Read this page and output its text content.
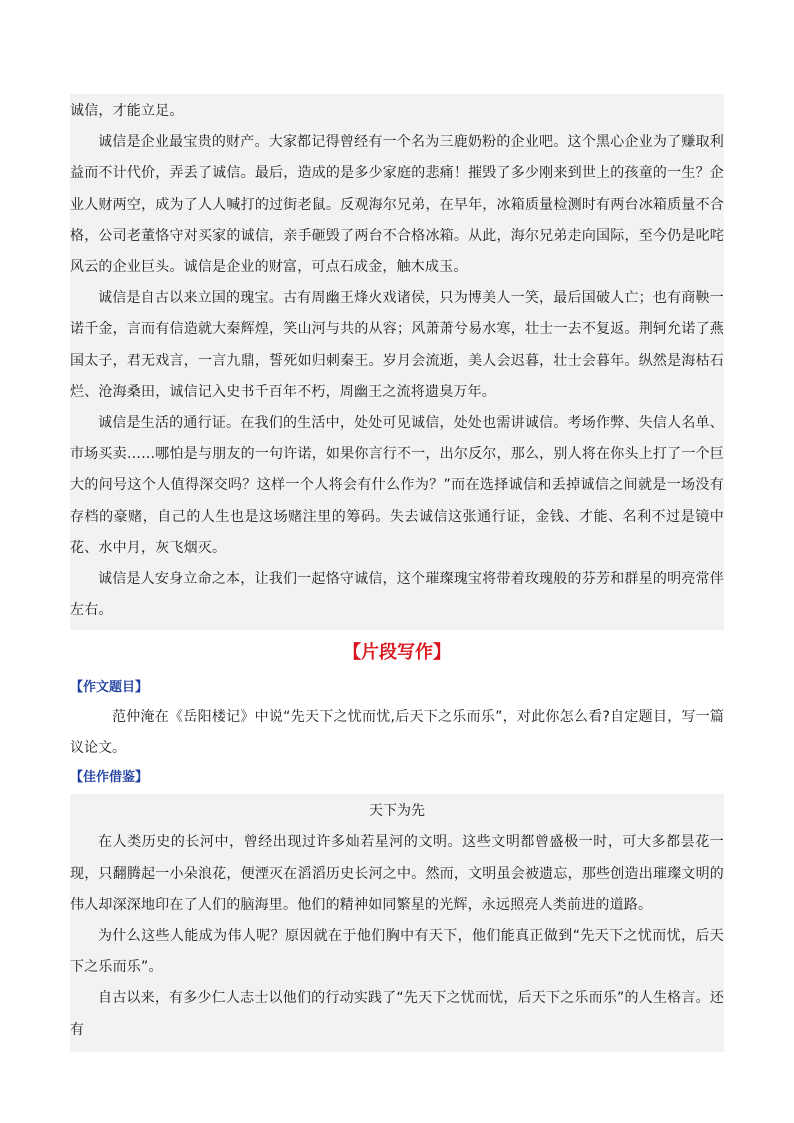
诚信，才能立足。

诚信是企业最宝贵的财产。大家都记得曾经有一个名为三鹿奶粉的企业吧。这个黑心企业为了赚取利益而不计代价，弄丢了诚信。最后，造成的是多少家庭的悲痛！摧毁了多少刚来到世上的孩童的一生？企业人财两空，成为了人人喊打的过街老鼠。反观海尔兄弟，在早年，冰箱质量检测时有两台冰箱质量不合格，公司老董恪守对买家的诚信，亲手砸毁了两台不合格冰箱。从此，海尔兄弟走向国际，至今仍是叱咤风云的企业巨头。诚信是企业的财富，可点石成金，触木成玉。

诚信是自古以来立国的瑰宝。古有周幽王烽火戏诸侯，只为博美人一笑，最后国破人亡；也有商鞅一诺千金，言而有信造就大秦辉煌，笑山河与共的从容；风萧萧兮易水寒，壮士一去不复返。荆轲允诺了燕国太子，君无戏言，一言九鼎，誓死如归刺秦王。岁月会流逝，美人会迟暮，壮士会暮年。纵然是海枯石烂、沧海桑田，诚信记入史书千百年不朽，周幽王之流将遗臭万年。

诚信是生活的通行证。在我们的生活中，处处可见诚信，处处也需讲诚信。考场作弊、失信人名单、市场买卖……哪怕是与朋友的一句许诺，如果你言行不一，出尔反尔，那么，别人将在你头上打了一个巨大的问号这个人值得深交吗？这样一个人将会有什么作为？”而在选择诚信和丢掉诚信之间就是一场没有存档的豪赌，自己的人生也是这场赌注里的筹码。失去诚信这张通行证，金钱、才能、名利不过是镜中花、水中月，灰飞烟灭。

诚信是人安身立命之本，让我们一起恪守诚信，这个璀璨瑰宝将带着玫瑰般的芬芳和群星的明亮常伴左右。

【片段写作】

【作文题目】

范仲淹在《岳阳楼记》中说“先天下之忧而忧,后天下之乐而乐”，对此你怎么看?自定题目，写一篇议论文。

【佳作借鉴】

天下为先

在人类历史的长河中，曾经出现过许多灿若星河的文明。这些文明都曾盛极一时，可大多都昙花一现，只翻腾起一小朵浪花，便湮灭在滔滔历史长河之中。然而，文明虽会被遗忘，那些创造出璀璨文明的伟人却深深地印在了人们的脑海里。他们的精神如同繁星的光辉，永远照亮人类前进的道路。

为什么这些人能成为伟人呢？原因就在于他们胸中有天下，他们能真正做到“先天下之忧而忧，后天下之乐而乐”。

自古以来，有多少仁人志士以他们的行动实践了“先天下之忧而忧，后天下之乐而乐”的人生格言。还有
